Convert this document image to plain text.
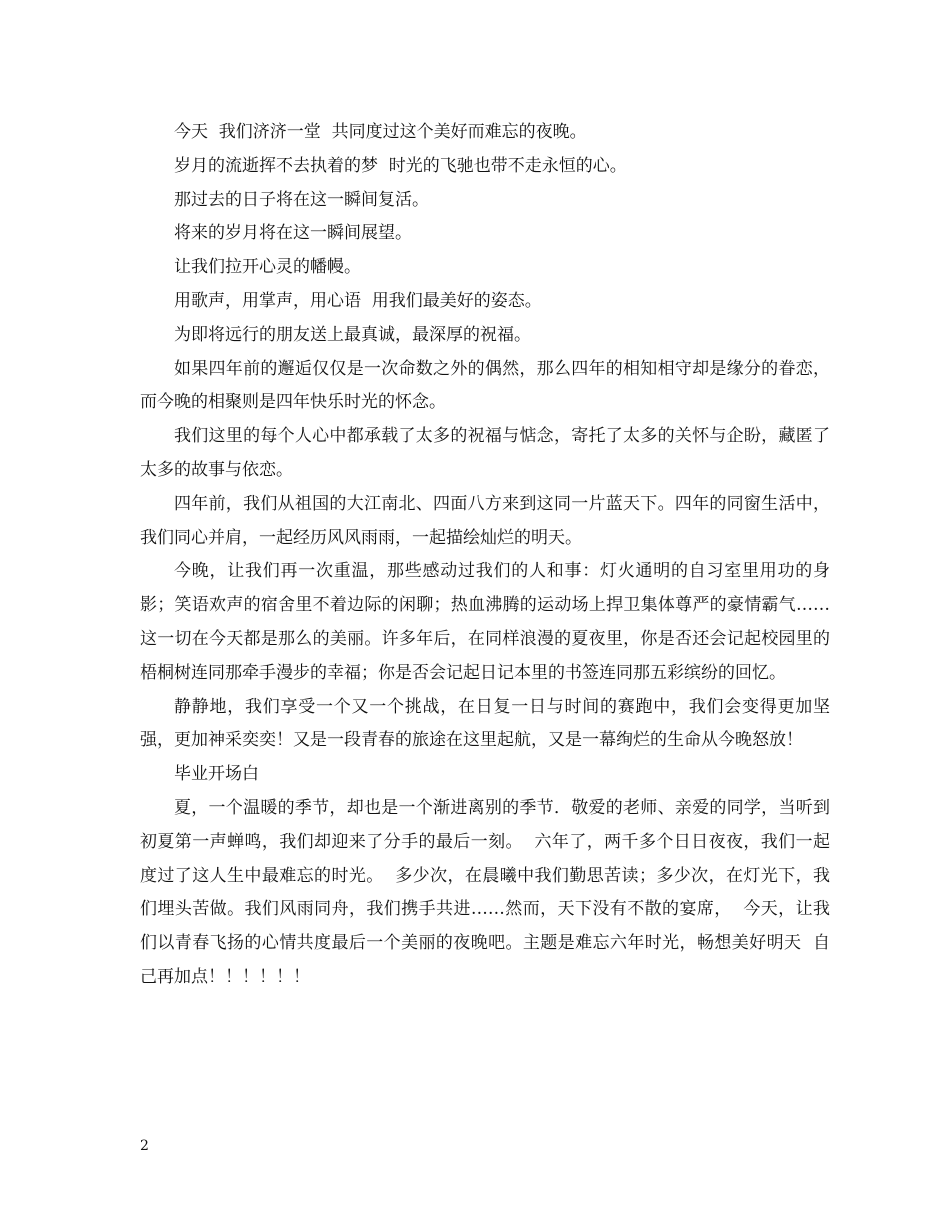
今天  我们济济一堂  共同度过这个美好而难忘的夜晚。

岁月的流逝挥不去执着的梦  时光的飞驰也带不走永恒的心。

那过去的日子将在这一瞬间复活。

将来的岁月将在这一瞬间展望。

让我们拉开心灵的幡幔。

用歌声，用掌声，用心语  用我们最美好的姿态。

为即将远行的朋友送上最真诚，最深厚的祝福。

如果四年前的邂逅仅仅是一次命数之外的偶然，那么四年的相知相守却是缘分的眷恋，而今晚的相聚则是四年快乐时光的怀念。

我们这里的每个人心中都承载了太多的祝福与惦念，寄托了太多的关怀与企盼，藏匿了太多的故事与依恋。

四年前，我们从祖国的大江南北、四面八方来到这同一片蓝天下。四年的同窗生活中，我们同心并肩，一起经历风风雨雨，一起描绘灿烂的明天。

今晚，让我们再一次重温，那些感动过我们的人和事：灯火通明的自习室里用功的身影；笑语欢声的宿舍里不着边际的闲聊；热血沸腾的运动场上捍卫集体尊严的豪情霸气……这一切在今天都是那么的美丽。许多年后，在同样浪漫的夏夜里，你是否还会记起校园里的梧桐树连同那牵手漫步的幸福；你是否会记起日记本里的书签连同那五彩缤纷的回忆。

静静地，我们享受一个又一个挑战，在日复一日与时间的赛跑中，我们会变得更加坚强，更加神采奕奕！又是一段青春的旅途在这里起航，又是一幕绚烂的生命从今晚怒放！

毕业开场白

夏，一个温暖的季节，却也是一个渐进离别的季节．敬爱的老师、亲爱的同学，当听到初夏第一声蝉鸣，我们却迎来了分手的最后一刻。  六年了，两千多个日日夜夜，我们一起度过了这人生中最难忘的时光。  多少次，在晨曦中我们勤思苦读；多少次，在灯光下，我们埋头苦做。我们风雨同舟，我们携手共进……然而，天下没有不散的宴席，  今天，让我们以青春飞扬的心情共度最后一个美丽的夜晚吧。主题是难忘六年时光，畅想美好明天  自己再加点！！！！！！

2
